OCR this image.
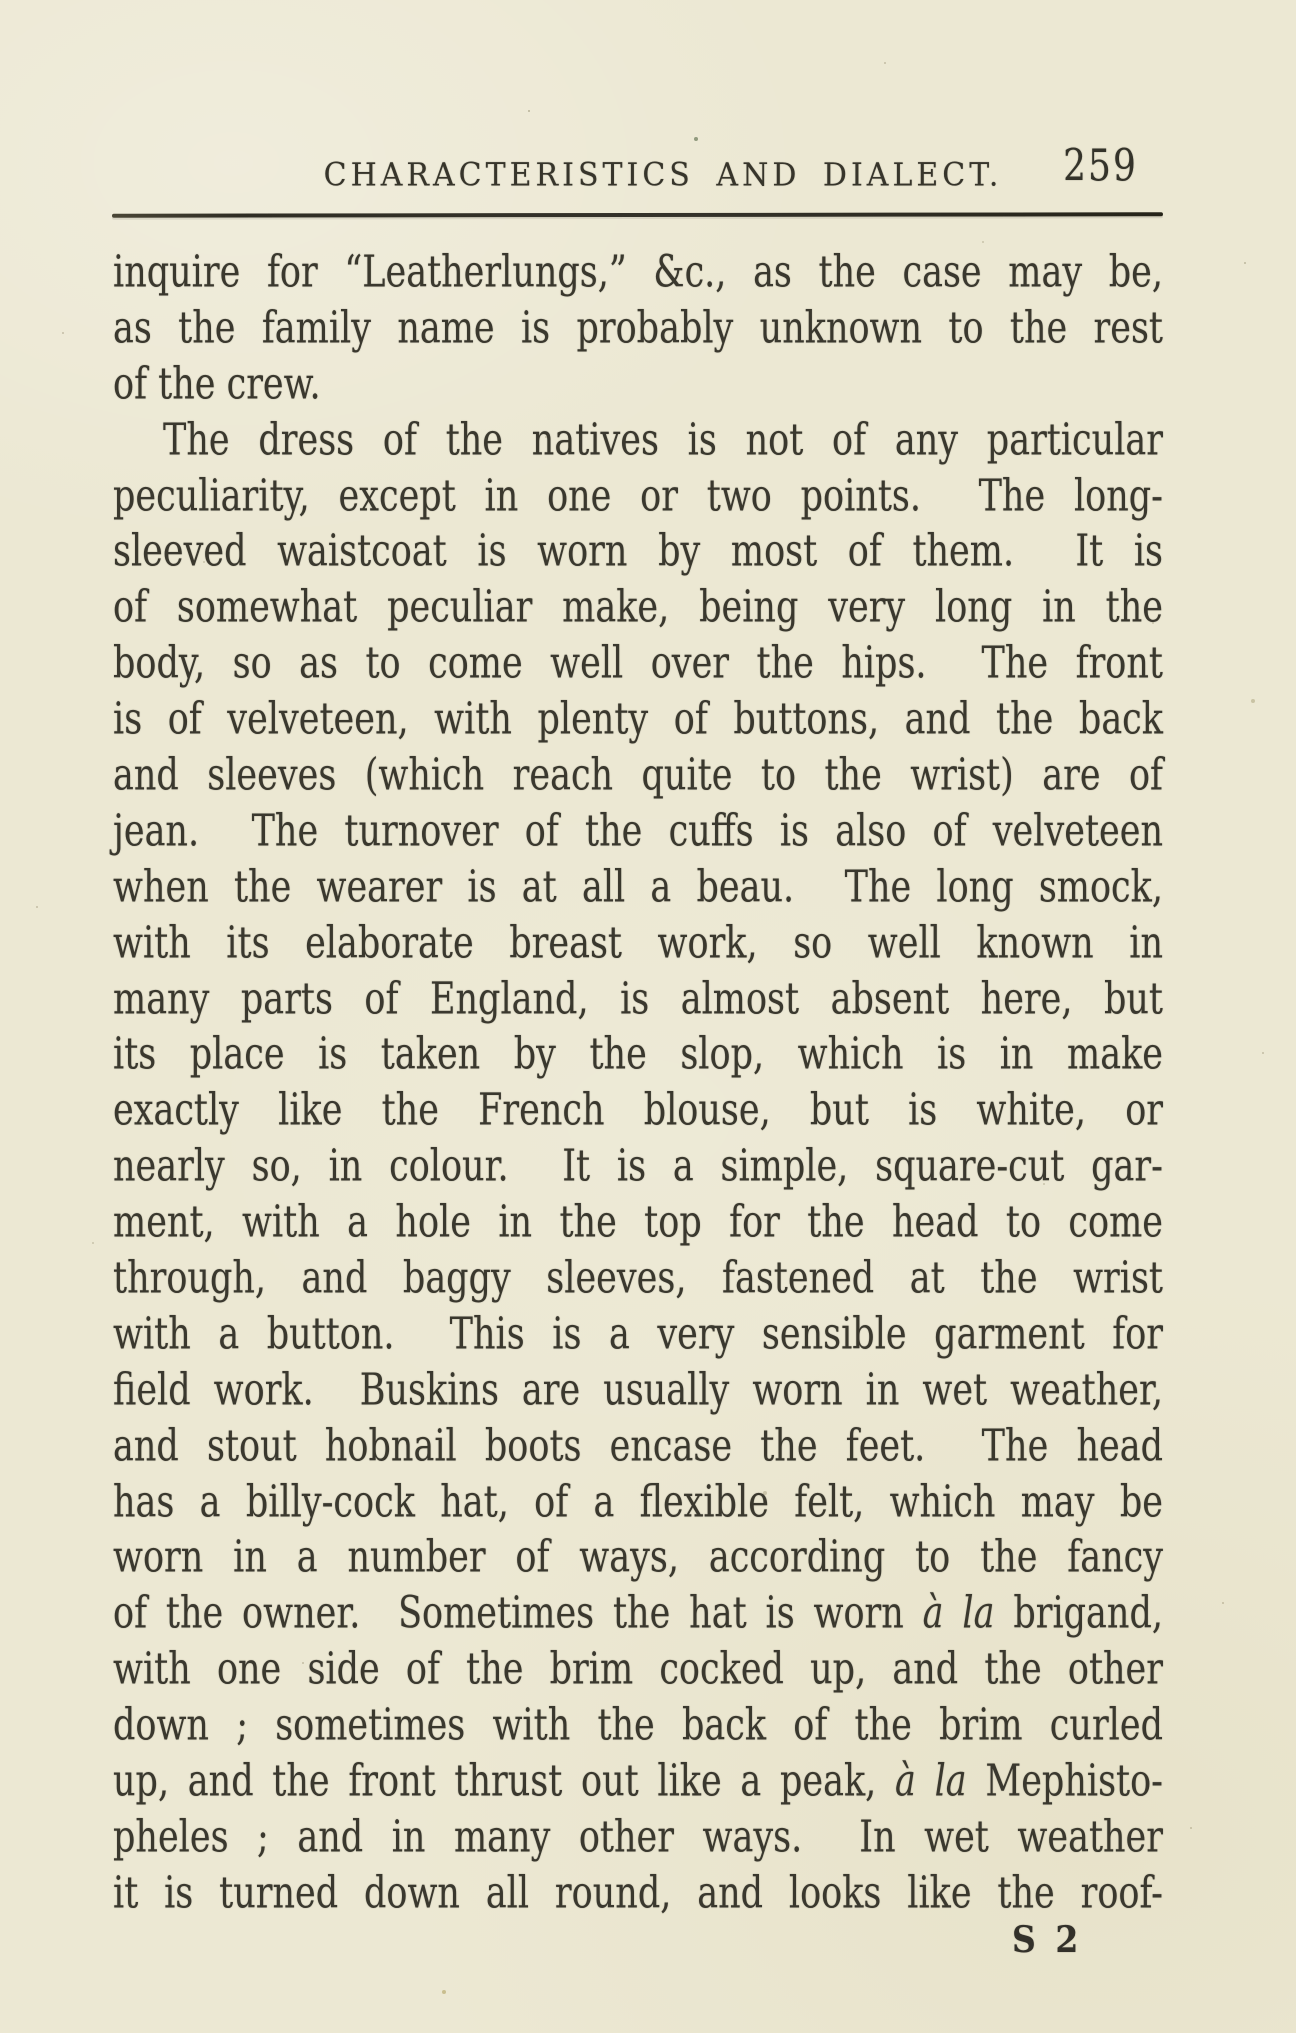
CHARACTERISTICS AND DIALECT.	259
inquire for “Leatherlungs,” &c., as the case may be,
as the family name is probably unknown to the rest
of the crew.
The dress of the natives is not of any particular
peculiarity, except in one or two points.  The long-
sleeved waistcoat is worn by most of them.  It is
of somewhat peculiar make, being very long in the
body, so as to come well over the hips.  The front
is of velveteen, with plenty of buttons, and the back
and sleeves (which reach quite to the wrist) are of
jean.  The turnover of the cuffs is also of velveteen
when the wearer is at all a beau.  The long smock,
with its elaborate breast work, so well known in
many parts of England, is almost absent here, but
its place is taken by the slop, which is in make
exactly like the French blouse, but is white, or
nearly so, in colour.  It is a simple, square-cut gar-
ment, with a hole in the top for the head to come
through, and baggy sleeves, fastened at the wrist
with a button.  This is a very sensible garment for
field work.  Buskins are usually worn in wet weather,
and stout hobnail boots encase the feet.  The head
has a billy-cock hat, of a flexible felt, which may be
worn in a number of ways, according to the fancy
of the owner.  Sometimes the hat is worn à la brigand,
with one side of the brim cocked up, and the other
down ; sometimes with the back of the brim curled
up, and the front thrust out like a peak, à la Mephisto-
pheles ; and in many other ways.  In wet weather
it is turned down all round, and looks like the roof-
S 2
